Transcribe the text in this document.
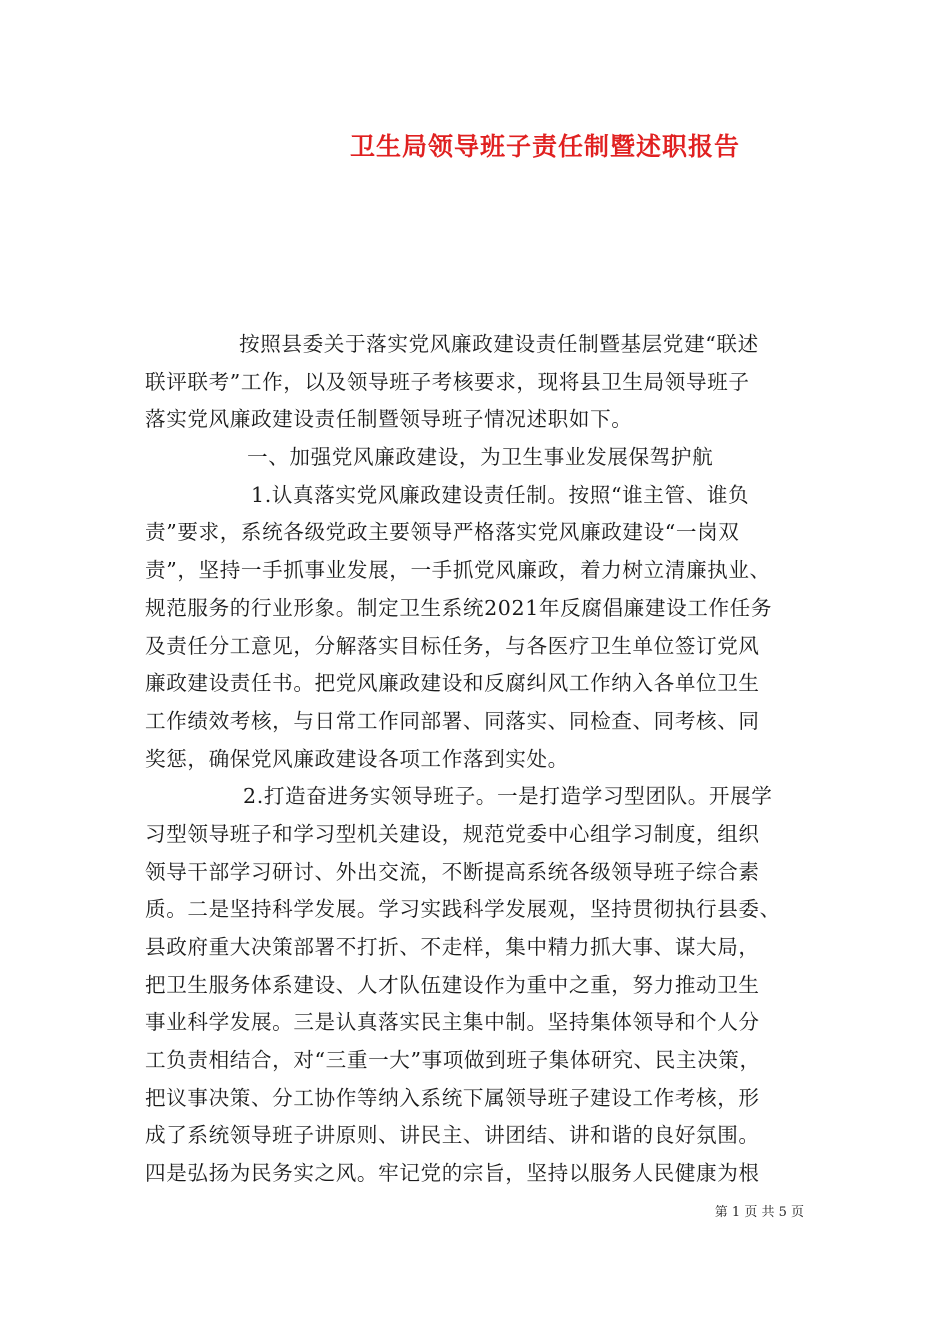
卫生局领导班子责任制暨述职报告
按照县委关于落实党风廉政建设责任制暨基层党建“联述
联评联考”工作，以及领导班子考核要求，现将县卫生局领导班子
落实党风廉政建设责任制暨领导班子情况述职如下。
一、加强党风廉政建设，为卫生事业发展保驾护航
1.认真落实党风廉政建设责任制。按照“谁主管、谁负
责”要求，系统各级党政主要领导严格落实党风廉政建设“一岗双
责”，坚持一手抓事业发展，一手抓党风廉政，着力树立清廉执业、
规范服务的行业形象。制定卫生系统2021年反腐倡廉建设工作任务
及责任分工意见，分解落实目标任务，与各医疗卫生单位签订党风
廉政建设责任书。把党风廉政建设和反腐纠风工作纳入各单位卫生
工作绩效考核，与日常工作同部署、同落实、同检查、同考核、同
奖惩，确保党风廉政建设各项工作落到实处。
2.打造奋进务实领导班子。一是打造学习型团队。开展学
习型领导班子和学习型机关建设，规范党委中心组学习制度，组织
领导干部学习研讨、外出交流，不断提高系统各级领导班子综合素
质。二是坚持科学发展。学习实践科学发展观，坚持贯彻执行县委、
县政府重大决策部署不打折、不走样，集中精力抓大事、谋大局，
把卫生服务体系建设、人才队伍建设作为重中之重，努力推动卫生
事业科学发展。三是认真落实民主集中制。坚持集体领导和个人分
工负责相结合，对“三重一大”事项做到班子集体研究、民主决策，
把议事决策、分工协作等纳入系统下属领导班子建设工作考核，形
成了系统领导班子讲原则、讲民主、讲团结、讲和谐的良好氛围。
四是弘扬为民务实之风。牢记党的宗旨，坚持以服务人民健康为根
第 1 页 共 5 页
